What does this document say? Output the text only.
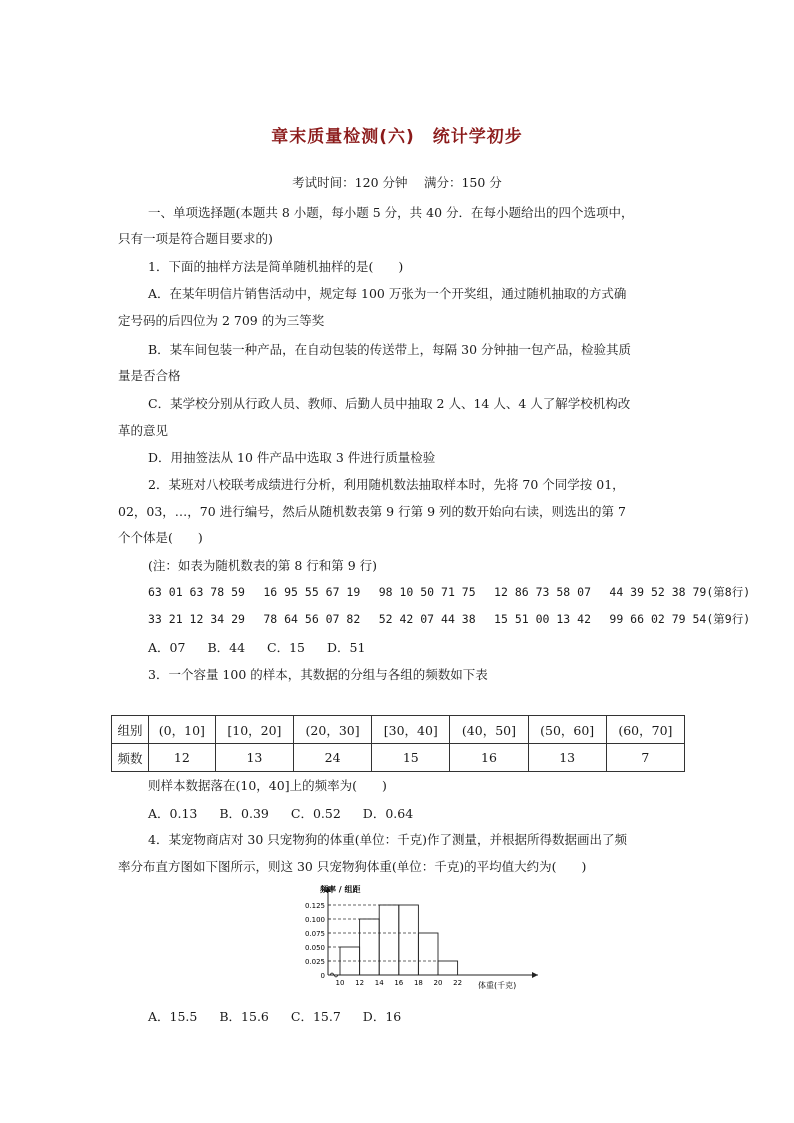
章末质量检测(六)　统计学初步
考试时间：120 分钟　 满分：150 分
一、单项选择题(本题共 8 小题，每小题 5 分，共 40 分．在每小题给出的四个选项中，
只有一项是符合题目要求的)
1．下面的抽样方法是简单随机抽样的是(　　)
A．在某年明信片销售活动中，规定每 100 万张为一个开奖组，通过随机抽取的方式确
定号码的后四位为 2 709 的为三等奖
B．某车间包装一种产品，在自动包装的传送带上，每隔 30 分钟抽一包产品，检验其质
量是否合格
C．某学校分别从行政人员、教师、后勤人员中抽取 2 人、14 人、4 人了解学校机构改
革的意见
D．用抽签法从 10 件产品中选取 3 件进行质量检验
2．某班对八校联考成绩进行分析，利用随机数法抽取样本时，先将 70 个同学按 01，
02，03，…，70 进行编号，然后从随机数表第 9 行第 9 列的数开始向右读，则选出的第 7
个个体是(　　)
(注：如表为随机数表的第 8 行和第 9 行)
63 01 63 78 59　 16 95 55 67 19　 98 10 50 71 75　 12 86 73 58 07　 44 39 52 38 79(第8行)
33 21 12 34 29　 78 64 56 07 82　 52 42 07 44 38　 15 51 00 13 42　 99 66 02 79 54(第9行)
A．07 B．44 C．15 D．51
3．一个容量 100 的样本，其数据的分组与各组的频数如下表
组别	(0，10]	[10，20]	(20，30]	[30，40]	(40，50]	(50，60]	(60，70]
频数	12	13	24	15	16	13	7
则样本数据落在(10，40]上的频率为(　　)
A．0.13 B．0.39 C．0.52 D．0.64
4．某宠物商店对 30 只宠物狗的体重(单位：千克)作了测量，并根据所得数据画出了频
率分布直方图如下图所示，则这 30 只宠物狗体重(单位：千克)的平均值大约为(　　)
频率 / 组距
体重(千克)
0.125
0.100
0.075
0.050
0.025
0
10 12 14 16 18 20 22
A．15.5 B．15.6 C．15.7 D．16
